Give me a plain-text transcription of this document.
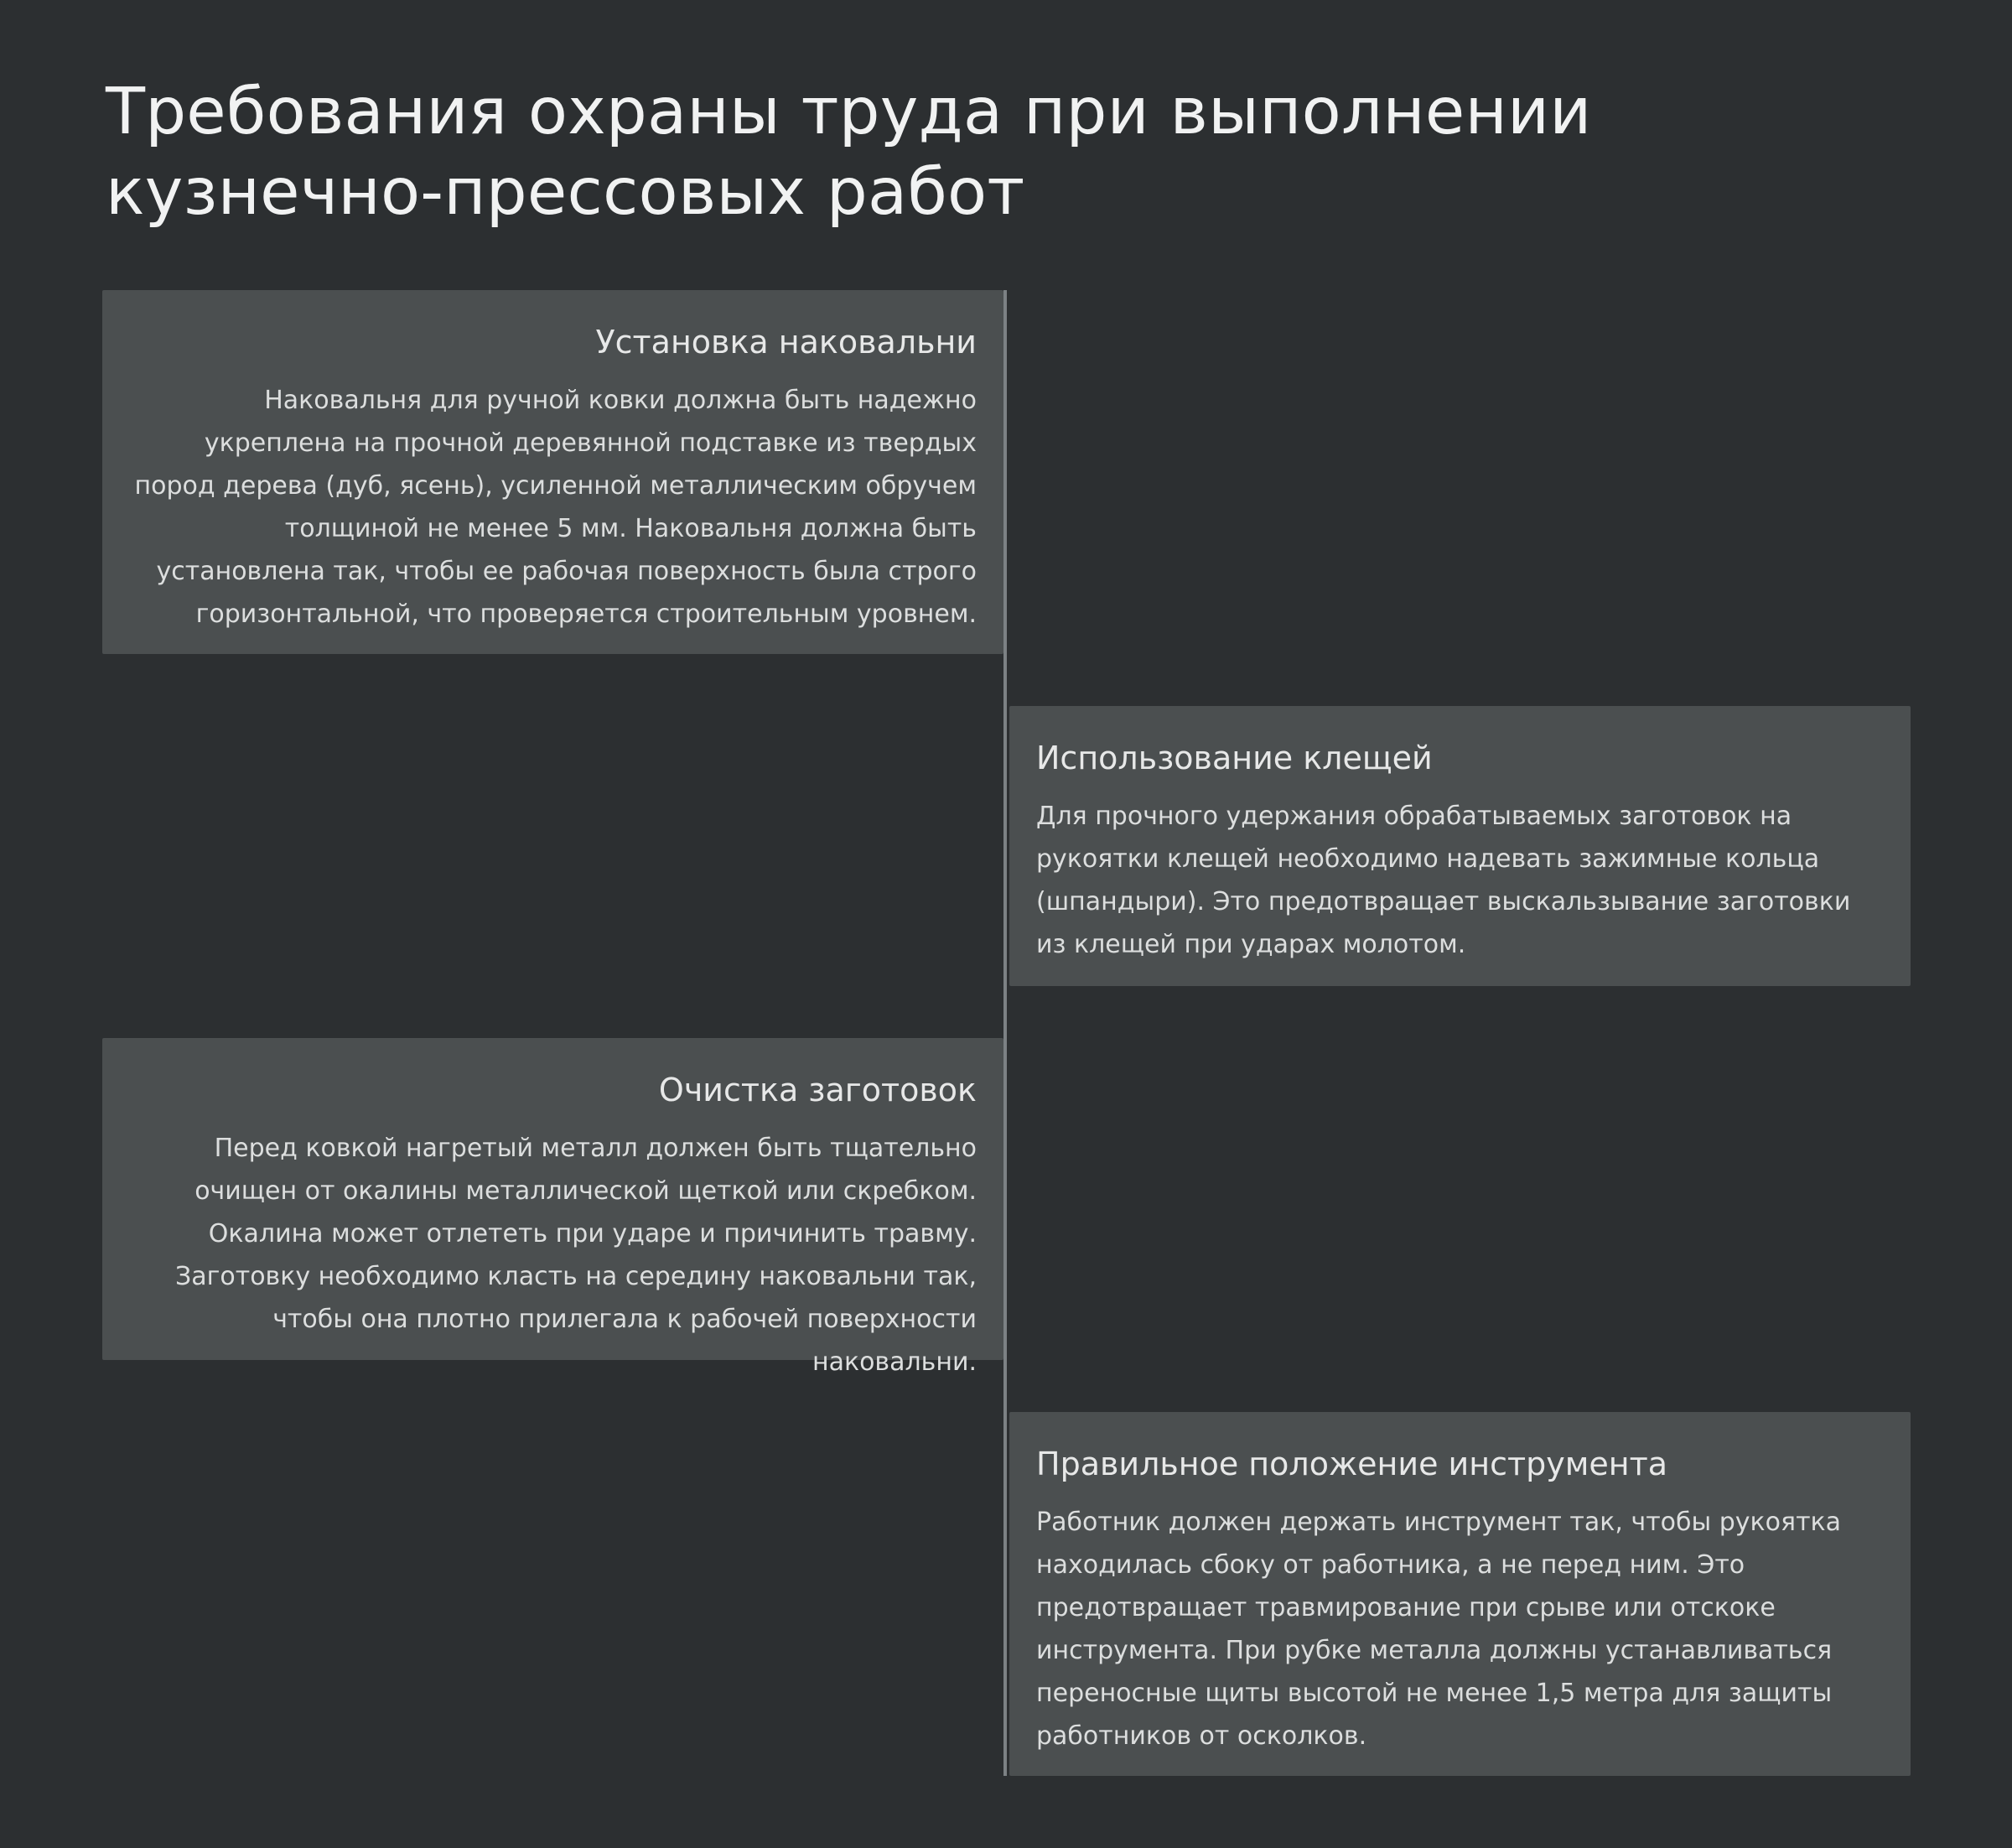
Требования охраны труда при выполнении кузнечно-прессовых работ
Установка наковальни

Наковальня для ручной ковки должна быть надежно укреплена на прочной деревянной подставке из твердых пород дерева (дуб, ясень), усиленной металлическим обручем толщиной не менее 5 мм. Наковальня должна быть установлена так, чтобы ее рабочая поверхность была строго горизонтальной, что проверяется строительным уровнем.

Использование клещей

Для прочного удержания обрабатываемых заготовок на рукоятки клещей необходимо надевать зажимные кольца (шпандыри). Это предотвращает выскальзывание заготовки из клещей при ударах молотом.

Очистка заготовок

Перед ковкой нагретый металл должен быть тщательно очищен от окалины металлической щеткой или скребком. Окалина может отлететь при ударе и причинить травму. Заготовку необходимо класть на середину наковальни так, чтобы она плотно прилегала к рабочей поверхности наковальни.

Правильное положение инструмента

Работник должен держать инструмент так, чтобы рукоятка находилась сбоку от работника, а не перед ним. Это предотвращает травмирование при срыве или отскоке инструмента. При рубке металла должны устанавливаться переносные щиты высотой не менее 1,5 метра для защиты работников от осколков.
